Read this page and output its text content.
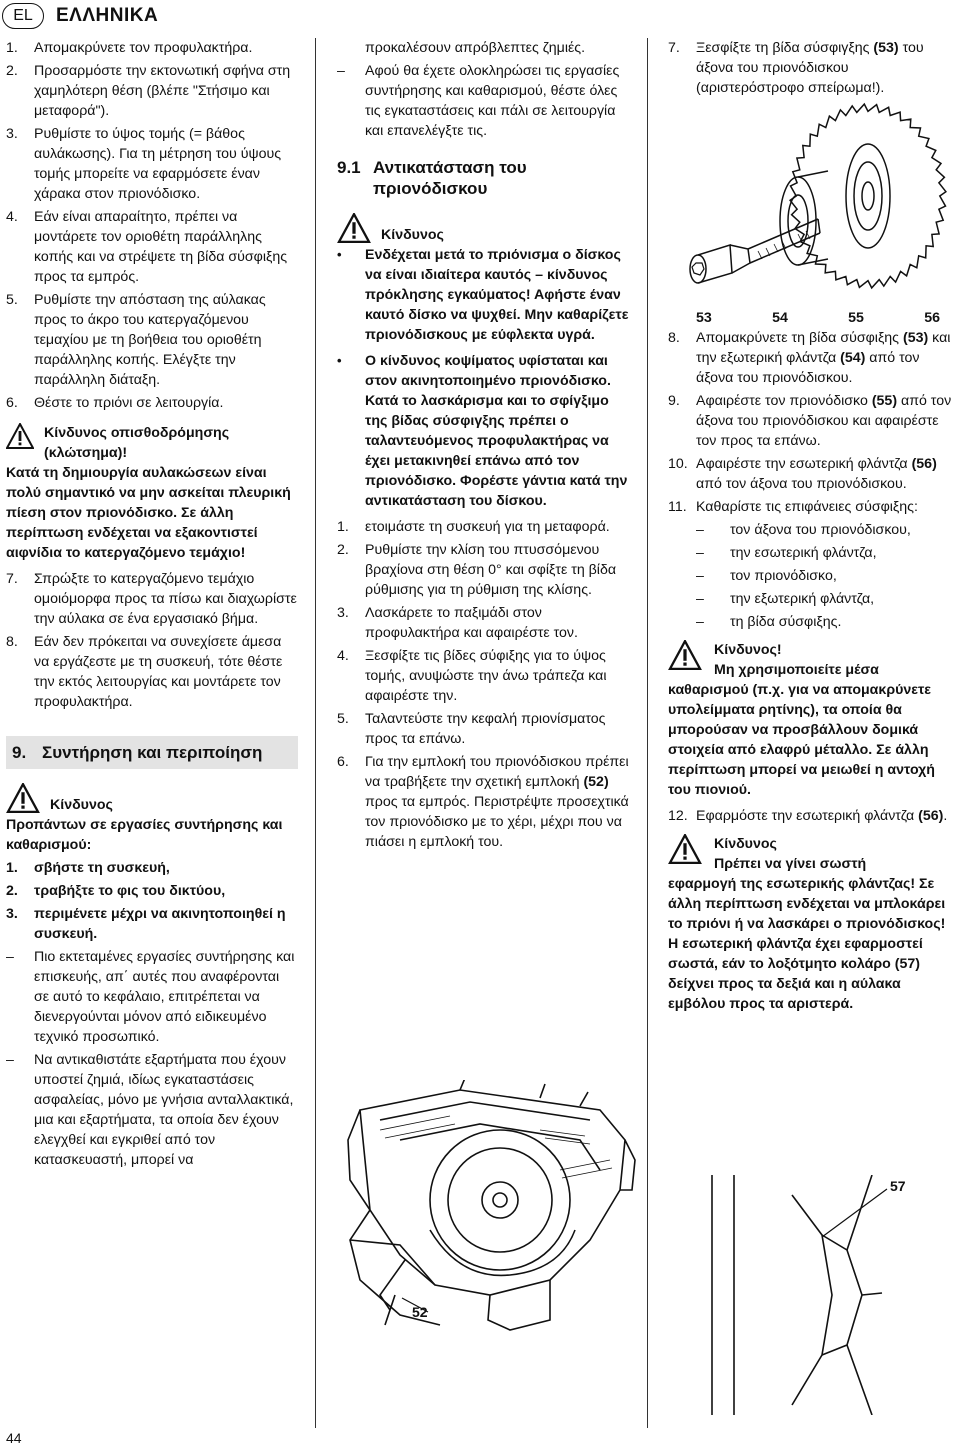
EL	ΕΛΛΗΝΙΚΑ
1.	Απομακρύνετε τον προφυλακτήρα.
2.	Προσαρμόστε την εκτονωτική σφήνα στη χαμηλότερη θέση (βλέπε "Στήσιμο και μεταφορά").
3.	Ρυθμίστε το ύψος τομής (= βάθος αυλάκωσης). Για τη μέτρηση του ύψους τομής μπορείτε να εφαρμόσετε έναν χάρακα στον πριονόδισκο.
4.	Εάν είναι απαραίτητο, πρέπει να μοντάρετε τον οριοθέτη παράλληλης κοπής και να στρέψετε τη βίδα σύσφιξης προς τα εμπρός.
5.	Ρυθμίστε την απόσταση της αύλακας προς το άκρο του κατεργαζόμενου τεμαχίου με τη βοήθεια του οριοθέτη παράλληλης κοπής. Ελέγξτε την παράλληλη διάταξη.
6.	Θέστε το πριόνι σε λειτουργία.
Κίνδυνος οπισθοδρόμησης
(κλώτσημα)!
Κατά τη δημιουργία αυλακώσεων είναι πολύ σημαντικό να μην ασκείται πλευρική πίεση στον πριονόδισκο. Σε άλλη περίπτωση ενδέχεται να εξακοντιστεί αιφνίδια το κατεργαζόμενο τεμάχιο!
7.	Σπρώξτε το κατεργαζόμενο τεμάχιο ομοιόμορφα προς τα πίσω και διαχωρίστε την αύλακα σε ένα εργασιακό βήμα.
8.	Εάν δεν πρόκειται να συνεχίσετε άμεσα να εργάζεστε με τη συσκευή, τότε θέστε την εκτός λειτουργίας και μοντάρετε τον προφυλακτήρα.
9. Συντήρηση και περιποίηση
Κίνδυνος
Προπάντων σε εργασίες συντήρησης και καθαρισμού:
1.	σβήστε τη συσκευή,
2.	τραβήξτε το φις του δικτύου,
3.	περιμένετε μέχρι να ακινητοποιηθεί η συσκευή.
–	Πιο εκτεταμένες εργασίες συντήρησης και επισκευής, απ΄ αυτές που αναφέρονται σε αυτό το κεφάλαιο, επιτρέπεται να διενεργούνται μόνον από ειδικευμένο τεχνικό προσωπικό.
–	Να αντικαθιστάτε εξαρτήματα που έχουν υποστεί ζημιά, ιδίως εγκαταστάσεις ασφαλείας, μόνο με γνήσια ανταλλακτικά, μια και εξαρτήματα, τα οποία δεν έχουν ελεγχθεί και εγκριθεί από τον κατασκευαστή, μπορεί να
προκαλέσουν απρόβλεπτες ζημιές.
–	Αφού θα έχετε ολοκληρώσει τις εργασίες συντήρησης και καθαρισμού, θέστε όλες τις εγκαταστάσεις και πάλι σε λειτουργία και επανελέγξτε τις.
9.1 Αντικατάσταση του πριονόδισκου
Κίνδυνος
•	Ενδέχεται μετά το πριόνισμα ο δίσκος να είναι ιδιαίτερα καυτός – κίνδυνος πρόκλησης εγκαύματος! Αφήστε έναν καυτό δίσκο να ψυχθεί. Μην καθαρίζετε πριονόδισκους με εύφλεκτα υγρά.
•	Ο κίνδυνος κοψίματος υφίσταται και στον ακινητοποιημένο πριονόδισκο. Κατά το λασκάρισμα και το σφίγξιμο της βίδας σύσφιγξης πρέπει ο ταλαντευόμενος προφυλακτήρας να έχει μετακινηθεί επάνω από τον πριονόδισκο. Φορέστε γάντια κατά την αντικατάσταση του δίσκου.
1.	ετοιμάστε τη συσκευή για τη μεταφορά.
2.	Ρυθμίστε την κλίση του πτυσσόμενου βραχίονα στη θέση 0° και σφίξτε τη βίδα ρύθμισης για τη ρύθμιση της κλίσης.
3.	Λασκάρετε το παξιμάδι στον προφυλακτήρα και αφαιρέστε τον.
4.	Ξεσφίξτε τις βίδες σύφιξης για το ύψος τομής, ανυψώστε την άνω τράπεζα και αφαιρέστε την.
5.	Ταλαντεύστε την κεφαλή πριονίσματος προς τα επάνω.
6.	Για την εμπλοκή του πριονόδισκου πρέπει να τραβήξετε την σχετική εμπλοκή (52) προς τα εμπρός. Περιστρέψτε προσεχτικά τον πριονόδισκο με το χέρι, μέχρι που να πιάσει η εμπλοκή του.
52
7.	Ξεσφίξτε τη βίδα σύσφιγξης (53) του άξονα του πριονόδισκου (αριστερόστροφο σπείρωμα!).
53	54	55	56
8.	Απομακρύνετε τη βίδα σύσφιξης (53) και την εξωτερική φλάντζα (54) από τον άξονα του πριονόδισκου.
9.	Αφαιρέστε τον πριονόδισκο (55) από τον άξονα του πριονόδισκου και αφαιρέστε τον προς τα επάνω.
10. Αφαιρέστε την εσωτερική φλάντζα (56) από τον άξονα του πριονόδισκου.
11. Καθαρίστε τις επιφάνειες σύσφιξης:
–	τον άξονα του πριονόδισκου,
–	την εσωτερική φλάντζα,
–	τον πριονόδισκο,
–	την εξωτερική φλάντζα,
–	τη βίδα σύσφιξης.
Κίνδυνος!
Μη χρησιμοποιείτε μέσα
καθαρισμού (π.χ. για να απομακρύνετε υπολείμματα ρητίνης), τα οποία θα μπορούσαν να προσβάλλουν δομικά στοιχεία από ελαφρύ μέταλλο. Σε άλλη περίπτωση μπορεί να μειωθεί η αντοχή του πιονιού.
12. Εφαρμόστε την εσωτερική φλάντζα (56).
Κίνδυνος
Πρέπει να γίνει σωστή
εφαρμογή της εσωτερικής φλάντζας! Σε άλλη περίπτωση ενδέχεται να μπλοκάρει το πριόνι ή να λασκάρει ο πριονόδισκος! Η εσωτερική φλάντζα έχει εφαρμοστεί σωστά, εάν το λοξότμητο κολάρο (57) δείχνει προς τα δεξιά και η αύλακα εμβόλου προς τα αριστερά.
57
44
